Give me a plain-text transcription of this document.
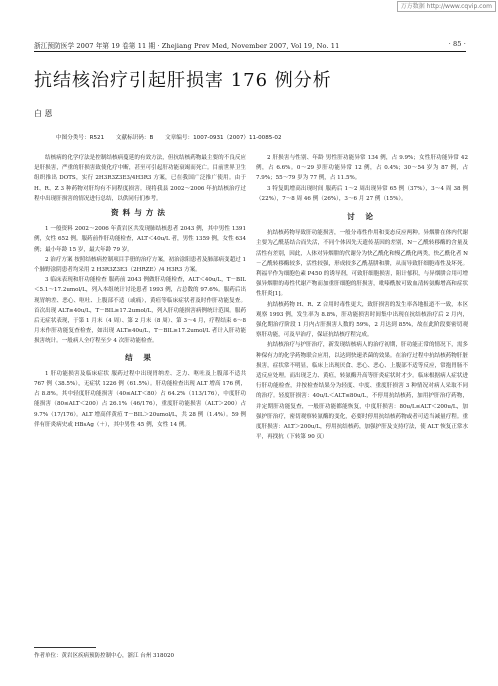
万方数据 http://www.cqvip.com
浙江预防医学 2007 年第 19 卷第 11 期 · Zhejiang Prev Med, November 2007, Vol 19, No. 11	· 85 ·
抗结核治疗引起肝损害 176 例分析
白 恩
中图分类号：R521 文献标识码：B 文章编号：1007-0931（2007）11-0085-02

结核病的化学疗法是控制结核病蔓延的有效方法，但抗结核药物最主要的不良反应是肝损害，严重的肝损害致使化疗中断，甚至可引起肝功能衰竭而死亡。目前世界卫生组织推出 DOTS，实行 2H3R3Z3E3/4H3R3 方案，已在我国广泛推广使用。由于 H、R、Z 3 种药物对肝均有不同程度损害。现将我县 2002～2006 年抗结核治疗过程中出现肝损害的情况进行总结，以供同行们参考。

资料与方法

1 一般资料 2002～2006 年黄岩区共发现肺结核患者 2043 例，其中男性 1391 例，女性 652 例。服药前作肝功能检查，ALT＜40u/L 者，男性 1359 例，女性 634 例；最小年龄 15 岁，最大年龄 79 岁。

2 治疗方案 按照结核病控制项目手册的治疗方案，初治涂阳患者及肺部病变超过 1 个肺野涂阴患者均采用 2 H3R3Z3E3（2HRZE）/4 H3R3 方案。

3 临床表现和肝功能检查 服药前 2043 例做肝功能检查，ALT＜40u/L，T－BIL＜5.1～17.2umol/L，列入本组统计讨论患者 1993 例，占总数的 97.6%。服药后出现胃纳差、恶心、呕吐、上腹部不适（或痛），黄疸等临床症状者及时作肝功能复查。首次出现 ALT≥40u/L，T－BIL≥17.2umol/L，列入肝功能损害病例统计范围。服药后无症状表现，于第 1 月末（4 周）、第 2 月末（8 周）、第 3～4 月，疗程结束 6～8 月末作肝功能复查检查，如出现 ALT≥40u/L，T－BIL≥17.2umol/L 者计入肝功能损害统计。一般病人全疗程至少 4 次肝功能检查。

结 果

1 肝功能损害及临床症状 服药过程中出现胃纳差、乏力、呕吐及上腹部不适共 767 例（38.5%），无症状 1226 例（61.5%）。肝功能检查出现 ALT 增高 176 例，占 8.8%。其中轻度肝功能损害（40≤ALT＜80）占 64.2%（113/176），中度肝功能损害（80≤ALT＜200）占 26.1%（46/176），重度肝功能损害（ALT＞200）占 9.7%（17/176）。ALT 增高伴黄疸 T－BIL＞20umol/L，共 28 例（1.4%）。59 例伴有肝炎病史或 HBsAg（＋），其中男性 45 例，女性 14 例。

作者单位：黄岩区疾病预防控制中心，浙江 台州 318020

2 肝损害与性别、年龄 男性肝功能异常 134 例，占 9.9%；女性肝功能异常 42 例，占 6.6%。0～29 岁肝功能异常 12 例，占 0.4%；30～54 岁为 87 例，占 7.9%；55～79 岁为 77 例，占 11.5%。

3 特复肌增高出现时间 服药后 1～2 周出现异常 65 例（37%），3～4 周 38 例（22%），7～8 周 46 例（26%），3～6 月 27 例（15%）。

讨 论

抗结核药物导致肝功能损害，一般分毒性作用和变态反应两种。异烟肼在体内代谢主要为乙酰基结合而失活，不同个体因先天遗传基因的差别，N－乙酰转移酶的含量及活性有差别，因此，人体对异烟肼的代谢分为快乙酰化和慢乙酰化两类，快乙酰化者 N－乙酰转移酶较多，活性较强，形成较多乙酰基肼和肼，从而导致肝细胞毒性及坏死。利福平作为细胞色素 P450 的诱导剂，可致肝细胞损害，阻计郁积，与异烟肼合用可增强异烟肼的毒性代谢产物而加重肝细胞的肝损害，吡嗪酰胺可致血清转氨酶增高和症状性肝炎[1]。

抗结核药物 H、R、Z 合用时毒性更大，致肝损害的发生率各地报道不一致，本区观察 1993 例，发生率为 8.8%，肝功能损害时间集中出现在抗结核治疗后 2 月内，强化期治疗阶段 1 月内占肝损害人数的 59%，2 月达到 85%，故在此阶段要密切观察肝功能，可及早治疗，保证抗结核疗程完成。

抗结核治疗与护肝治疗，新发现结核病人的治疗初期，肝功能正常的情况下，需多种保有力的化学药物联合应用，以达到快速杀菌的效果。在治疗过程中抗结核药物肝脏损害，症状常不明显，临床上出现厌食、恶心、恶心、上腹部不适等反应，常抱胃肠不适反应处理。而出现乏力、黄疸，转氨酶升高等肝炎症状时才少。临床根据病人症状进行肝功能检查，并按检查结果分为轻度、中度、重度肝损害 3 种情况对病人采取不同的治疗。轻度肝损害：40u/L＜ALT≤80u/L，不停用抗结核药，加用护肝治疗药物，并定期肝功能复查，一般肝功能都能恢复，中度肝损害：80u/L≤ALT＜200u/L，加强护肝治疗，密切观察转氨酶的变化，必要时停用抗结核药物或者可适当减量疗程。重度肝损害：ALT＞200u/L，停用抗结核药，加强护肝及支持疗法，使 ALT 恢复正常水平，再找抗（下转第 90 页）
